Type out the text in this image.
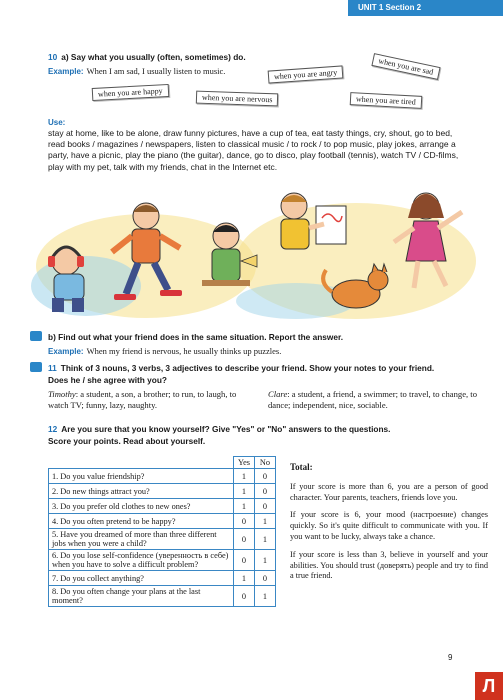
UNIT 1 Section 2
10 a) Say what you usually (often, sometimes) do.
Example: When I am sad, I usually listen to music.	when you are angry	when you are sad
when you are happy	when you are nervous	when you are tired
Use:
stay at home, like to be alone, draw funny pictures, have a cup of tea, eat tasty things, cry, shout, go to bed, read books / magazines / newspapers, listen to classical music / to rock / to pop music, play jokes, arrange a party, have a picnic, play the piano (the guitar), dance, go to disco, play football (tennis), watch TV / CD-films, play with my pet, talk with my friends, chat in the Internet etc.
b) Find out what your friend does in the same situation. Report the answer.
Example: When my friend is nervous, he usually thinks up puzzles.
11 Think of 3 nouns, 3 verbs, 3 adjectives to describe your friend. Show your notes to your friend.
Does he / she agree with you?
Timothy: a student, a son, a brother; to run, to laugh, to watch TV; funny, lazy, naughty.
Clare: a student, a friend, a swimmer; to travel, to change, to dance; independent, nice, sociable.
12 Are you sure that you know yourself? Give "Yes" or "No" answers to the questions.
Score your points. Read about yourself.
	Yes	No
1. Do you value friendship?	1	0
2. Do new things attract you?	1	0
3. Do you prefer old clothes to new ones?	1	0
4. Do you often pretend to be happy?	0	1
5. Have you dreamed of more than three different jobs when you were a child?	0	1
6. Do you lose self-confidence (уверенность в себе) when you have to solve a difficult problem?	0	1
7. Do you collect anything?	1	0
8. Do you often change your plans at the last moment?	0	1

Total:

If your score is more than 6, you are a person of good character. Your parents, teachers, friends love you.

If your score is 6, your mood (настроение) changes quickly. So it's quite difficult to communicate with you. If you want to be lucky, always take a chance.

If your score is less than 3, believe in yourself and your abilities. You should trust (доверять) people and try to find a true friend.

9
Л
